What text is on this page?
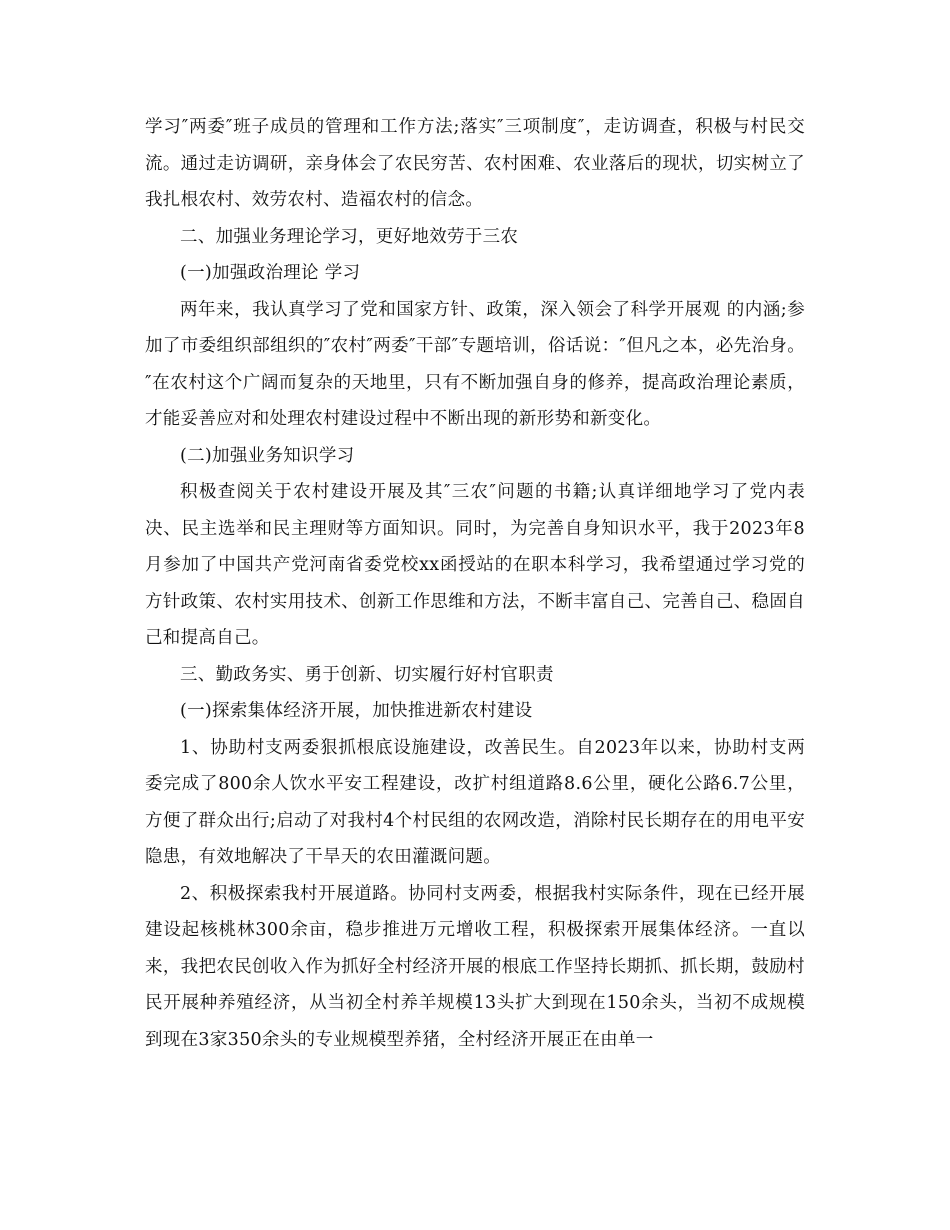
学习″两委″班子成员的管理和工作方法;落实″三项制度″，走访调查，积极与村民交流。通过走访调研，亲身体会了农民穷苦、农村困难、农业落后的现状，切实树立了我扎根农村、效劳农村、造福农村的信念。

二、加强业务理论学习，更好地效劳于三农

(一)加强政治理论 学习

两年来，我认真学习了党和国家方针、政策，深入领会了科学开展观 的内涵;参加了市委组织部组织的″农村″两委″干部″专题培训，俗话说：″但凡之本，必先治身。″在农村这个广阔而复杂的天地里，只有不断加强自身的修养，提高政治理论素质，才能妥善应对和处理农村建设过程中不断出现的新形势和新变化。

(二)加强业务知识学习

积极查阅关于农村建设开展及其″三农″问题的书籍;认真详细地学习了党内表决、民主选举和民主理财等方面知识。同时，为完善自身知识水平，我于2023年8月参加了中国共产党河南省委党校xx函授站的在职本科学习，我希望通过学习党的方针政策、农村实用技术、创新工作思维和方法，不断丰富自己、完善自己、稳固自己和提高自己。

三、勤政务实、勇于创新、切实履行好村官职责

(一)探索集体经济开展，加快推进新农村建设

1、协助村支两委狠抓根底设施建设，改善民生。自2023年以来，协助村支两委完成了800余人饮水平安工程建设，改扩村组道路8.6公里，硬化公路6.7公里，方便了群众出行;启动了对我村4个村民组的农网改造，消除村民长期存在的用电平安隐患，有效地解决了干旱天的农田灌溉问题。

2、积极探索我村开展道路。协同村支两委，根据我村实际条件，现在已经开展建设起核桃林300余亩，稳步推进万元增收工程，积极探索开展集体经济。一直以来，我把农民创收入作为抓好全村经济开展的根底工作坚持长期抓、抓长期，鼓励村民开展种养殖经济，从当初全村养羊规模13头扩大到现在150余头，当初不成规模到现在3家350余头的专业规模型养猪，全村经济开展正在由单一
